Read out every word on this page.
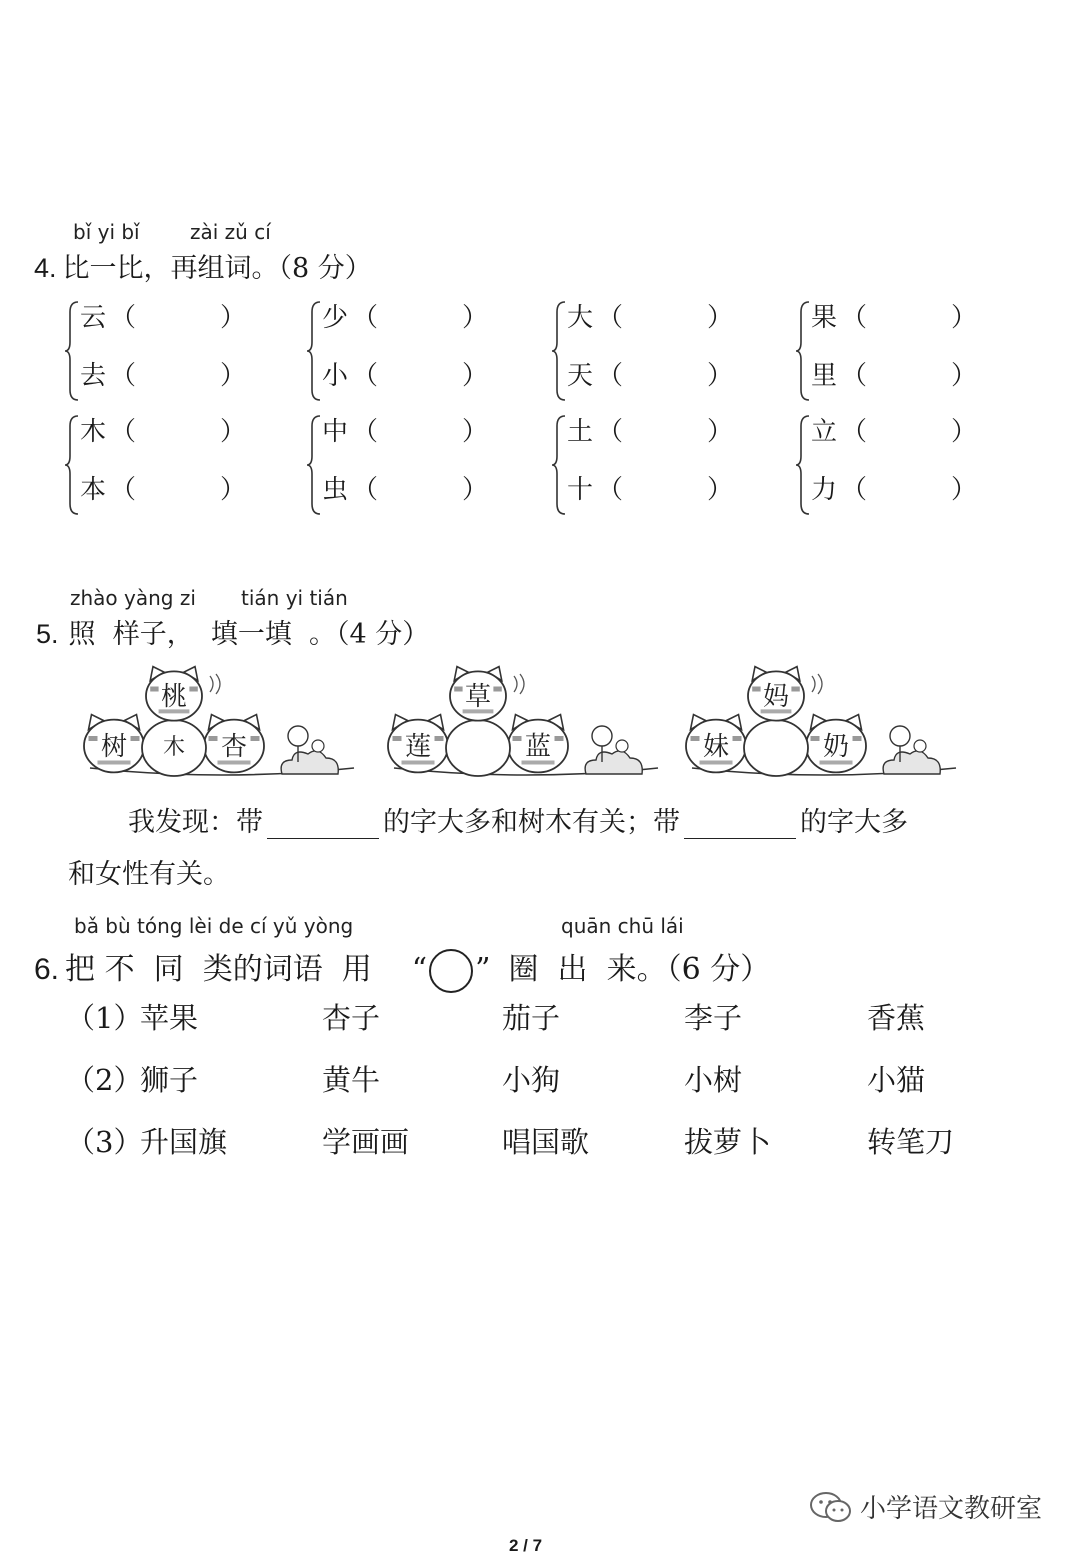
bǐ yi bǐ	zài zǔ cí
4. 比一比，再组词。（8 分）
云 （	）
去 （	）
少 （	）
小 （	）
大 （	）
天 （	）
果 （	）
里 （	）
木 （	）
本 （	）
中 （	）
虫 （	）
土 （	）
十 （	）
立 （	）
力 （	）
zhào yàng zi tián yi tián
5. 照  样子，  填一填  。（4 分）
树	杏
木
桃
莲	蓝
草
妹	奶
妈
我发现：带	的字大多和树木有关；带	的字大多
和女性有关。
bǎ bù tóng lèi de cí yǔ yòng	quān chū lái
6. 把 不  同  类的词语  用 “ ” 圈  出  来。（6 分）
（1）
苹果	杏子	茄子	李子	香蕉
（2）
狮子	黄牛	小狗	小树	小猫
（3）
升国旗	学画画	唱国歌	拔萝卜	转笔刀
小学语文教研室
2 / 7
